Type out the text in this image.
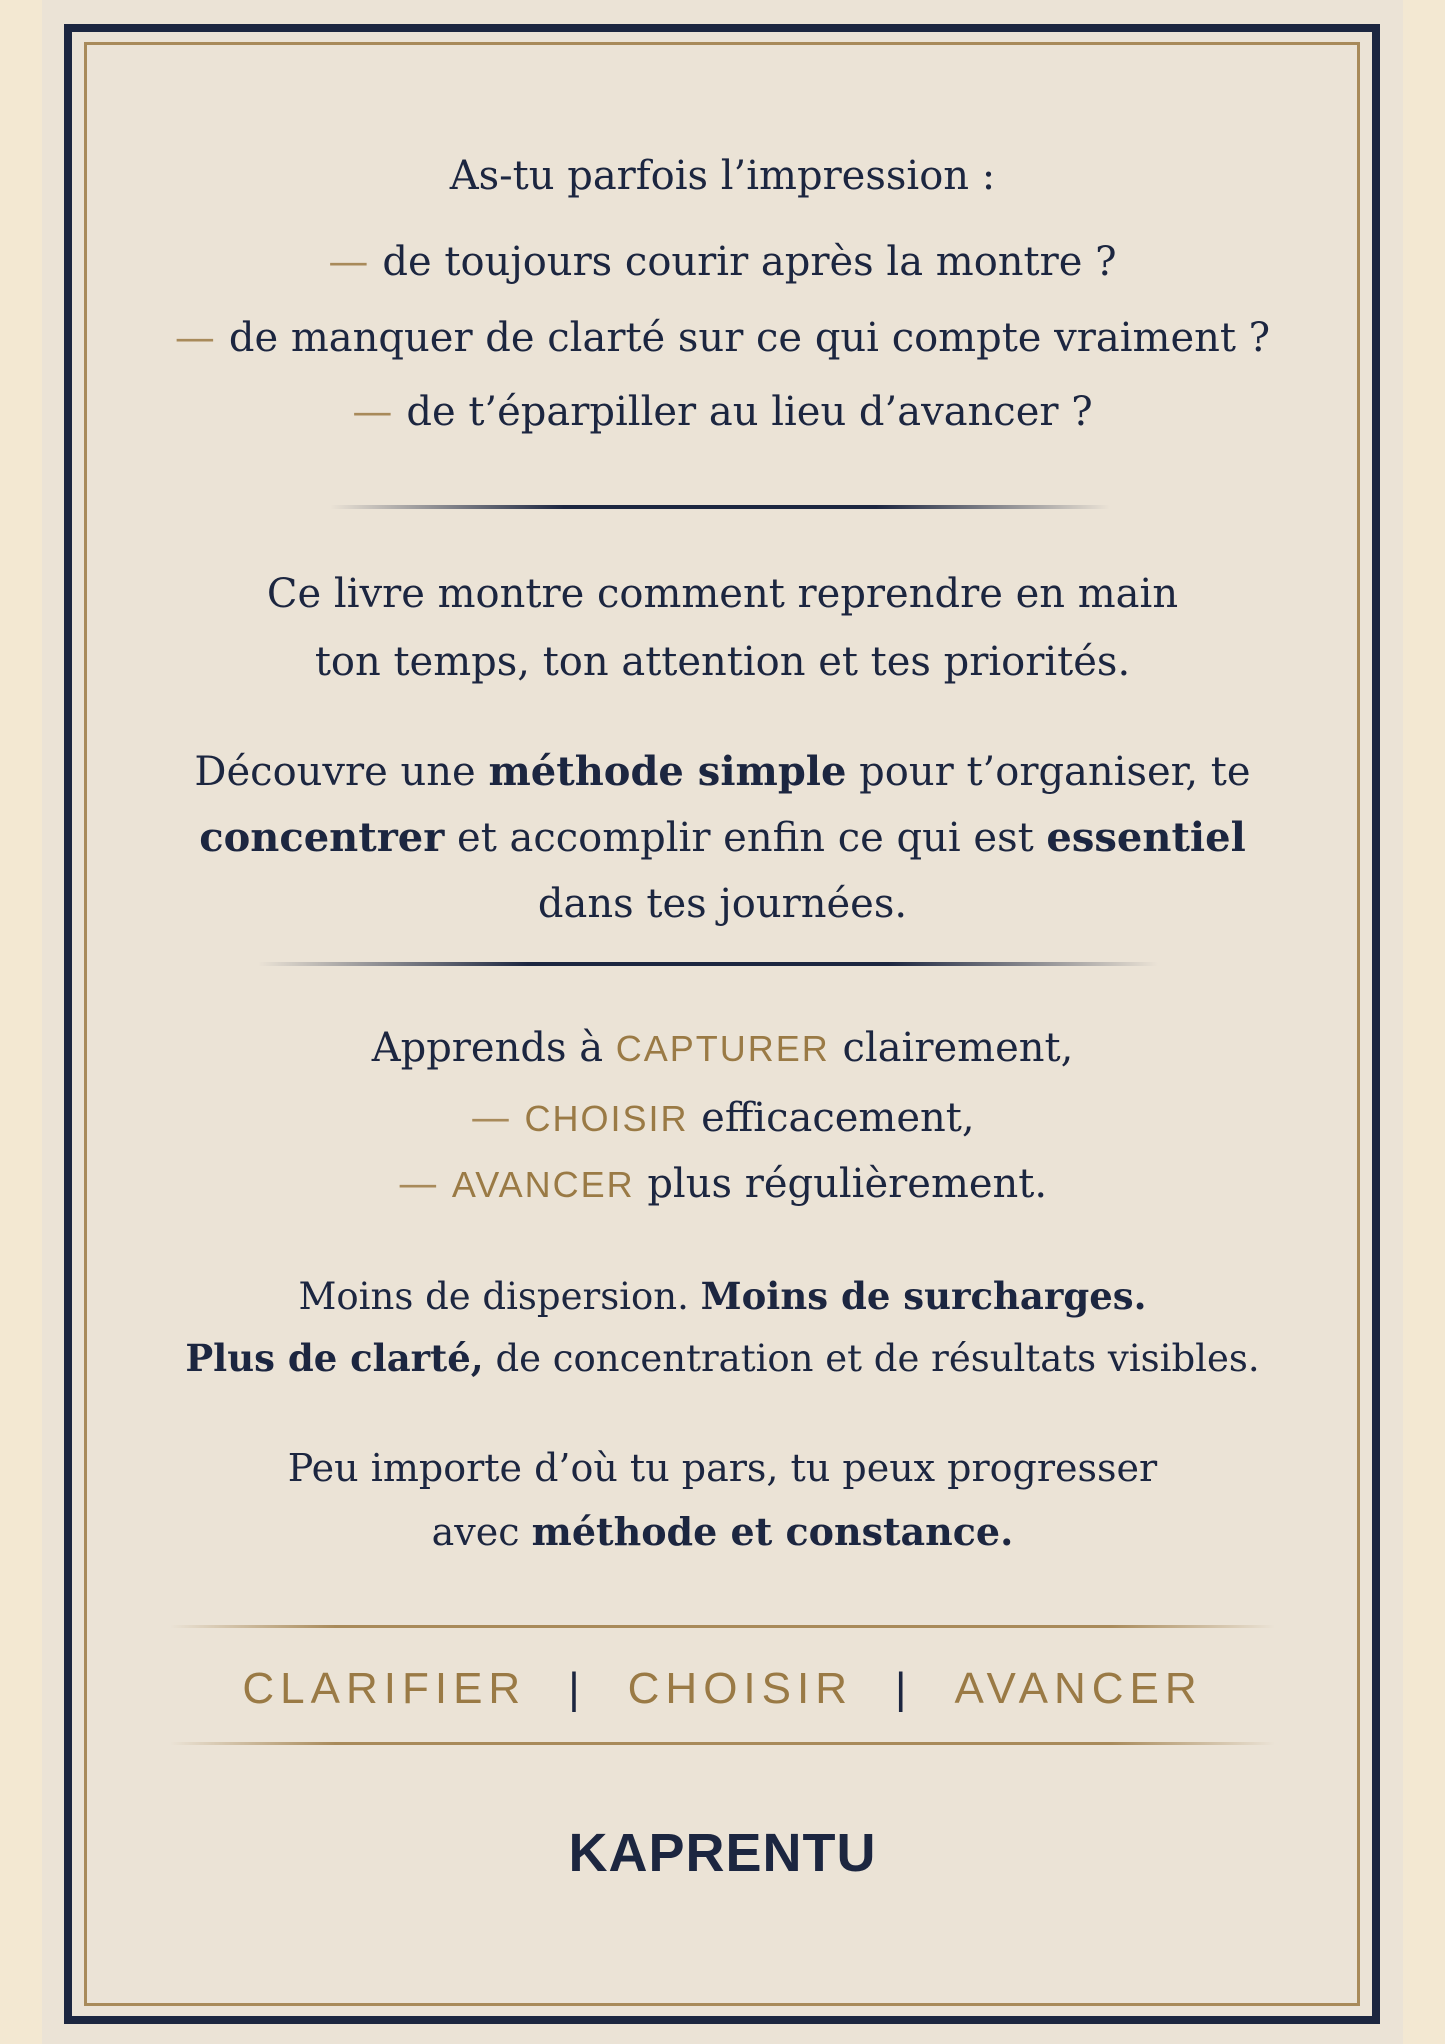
As-tu parfois l’impression :
— de toujours courir après la montre ?
— de manquer de clarté sur ce qui compte vraiment ?
— de t’éparpiller au lieu d’avancer ?
Ce livre montre comment reprendre en main
ton temps, ton attention et tes priorités.
Découvre une méthode simple pour t’organiser, te
concentrer et accomplir enfin ce qui est essentiel
dans tes journées.
Apprends à CAPTURER clairement,
— CHOISIR efficacement,
— AVANCER plus régulièrement.
Moins de dispersion. Moins de surcharges.
Plus de clarté, de concentration et de résultats visibles.
Peu importe d’où tu pars, tu peux progresser
avec méthode et constance.
CLARIFIER | CHOISIR | AVANCER
KAPRENTU
